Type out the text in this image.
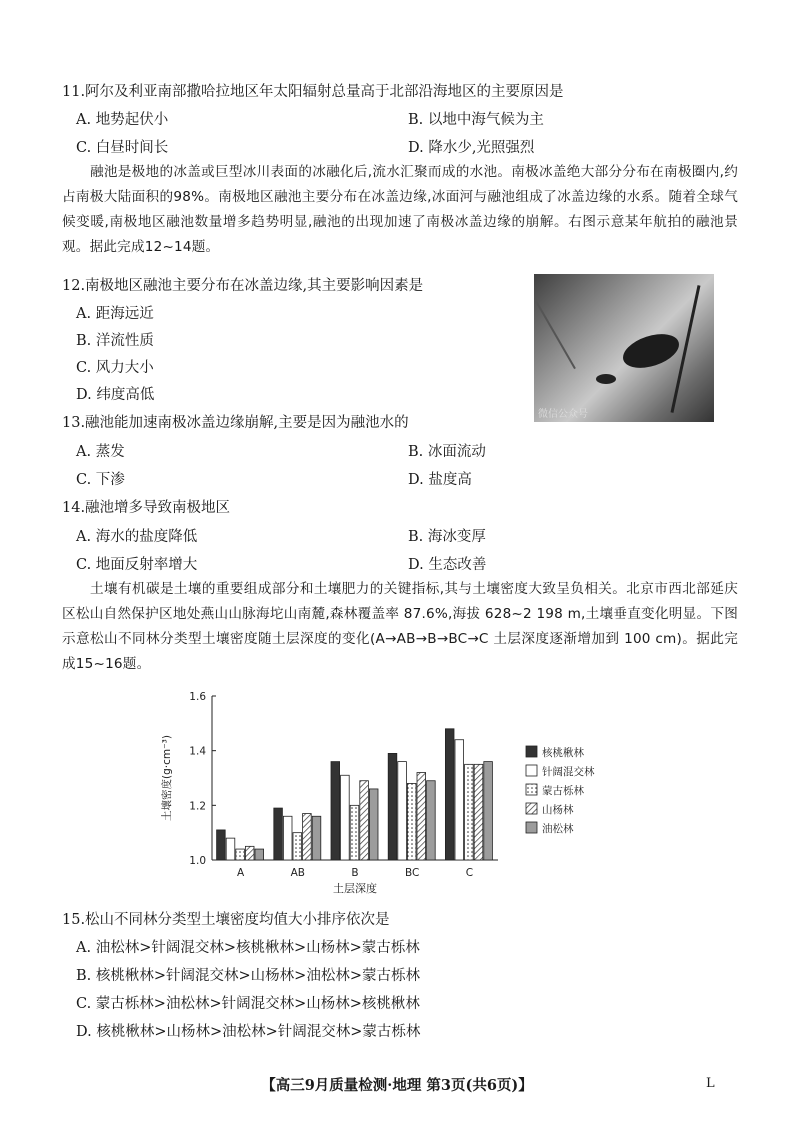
11.阿尔及利亚南部撒哈拉地区年太阳辐射总量高于北部沿海地区的主要原因是
A. 地势起伏小	B. 以地中海气候为主
C. 白昼时间长	D. 降水少,光照强烈
融池是极地的冰盖或巨型冰川表面的冰融化后,流水汇聚而成的水池。南极冰盖绝大部分分布在南极圈内,约占南极大陆面积的98%。南极地区融池主要分布在冰盖边缘,冰面河与融池组成了冰盖边缘的水系。随着全球气候变暖,南极地区融池数量增多趋势明显,融池的出现加速了南极冰盖边缘的崩解。右图示意某年航拍的融池景观。据此完成12~14题。
12.南极地区融池主要分布在冰盖边缘,其主要影响因素是
A. 距海远近
B. 洋流性质
C. 风力大小
D. 纬度高低
微信公众号
13.融池能加速南极冰盖边缘崩解,主要是因为融池水的
A. 蒸发	B. 冰面流动
C. 下渗	D. 盐度高
14.融池增多导致南极地区
A. 海水的盐度降低	B. 海冰变厚
C. 地面反射率增大	D. 生态改善
土壤有机碳是土壤的重要组成部分和土壤肥力的关键指标,其与土壤密度大致呈负相关。北京市西北部延庆区松山自然保护区地处燕山山脉海坨山南麓,森林覆盖率 87.6%,海拔 628~2 198 m,土壤垂直变化明显。下图示意松山不同林分类型土壤密度随土层深度的变化(A→AB→B→BC→C 土层深度逐渐增加到 100 cm)。据此完成15~16题。
1.0
1.2
1.4
1.6
土壤密度(g·cm⁻³)
土层深度
A	AB	B	BC	C
核桃楸林
针阔混交林
蒙古栎林
山杨林
油松林
15.松山不同林分类型土壤密度均值大小排序依次是
A. 油松林>针阔混交林>核桃楸林>山杨林>蒙古栎林
B. 核桃楸林>针阔混交林>山杨林>油松林>蒙古栎林
C. 蒙古栎林>油松林>针阔混交林>山杨林>核桃楸林
D. 核桃楸林>山杨林>油松林>针阔混交林>蒙古栎林
【高三9月质量检测·地理 第3页(共6页)】	L
